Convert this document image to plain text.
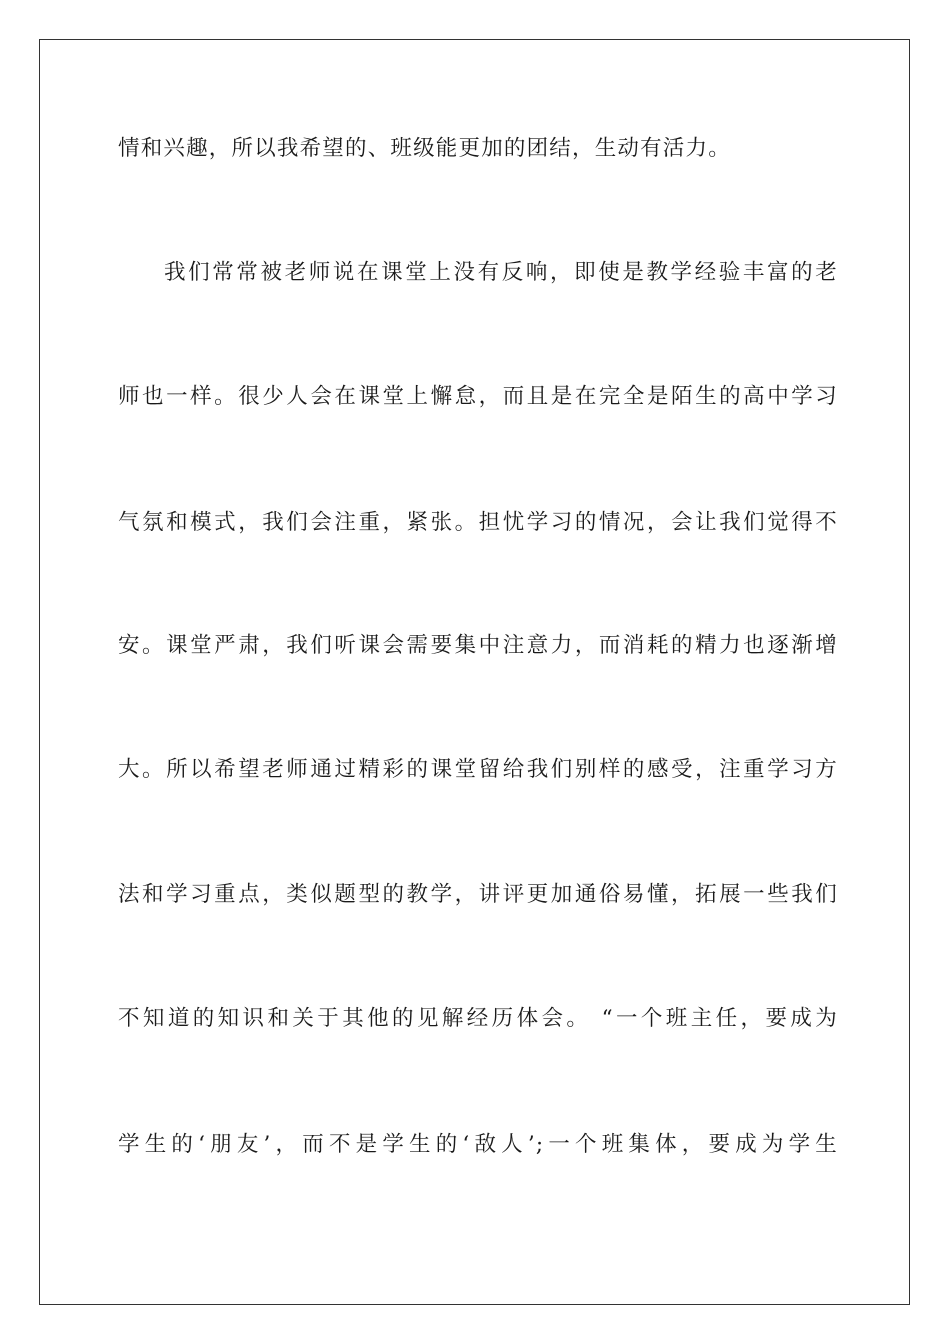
情和兴趣，所以我希望的、班级能更加的团结，生动有活力。
我们常常被老师说在课堂上没有反响，即使是教学经验丰富的老
师也一样。很少人会在课堂上懈怠，而且是在完全是陌生的高中学习
气氛和模式，我们会注重，紧张。担忧学习的情况，会让我们觉得不
安。课堂严肃，我们听课会需要集中注意力，而消耗的精力也逐渐增
大。所以希望老师通过精彩的课堂留给我们别样的感受，注重学习方
法和学习重点，类似题型的教学，讲评更加通俗易懂，拓展一些我们
不知道的知识和关于其他的见解经历体会。 “一个班主任，要成为
学生的‘朋友’，而不是学生的‘敌人’;一个班集体，要成为学生
